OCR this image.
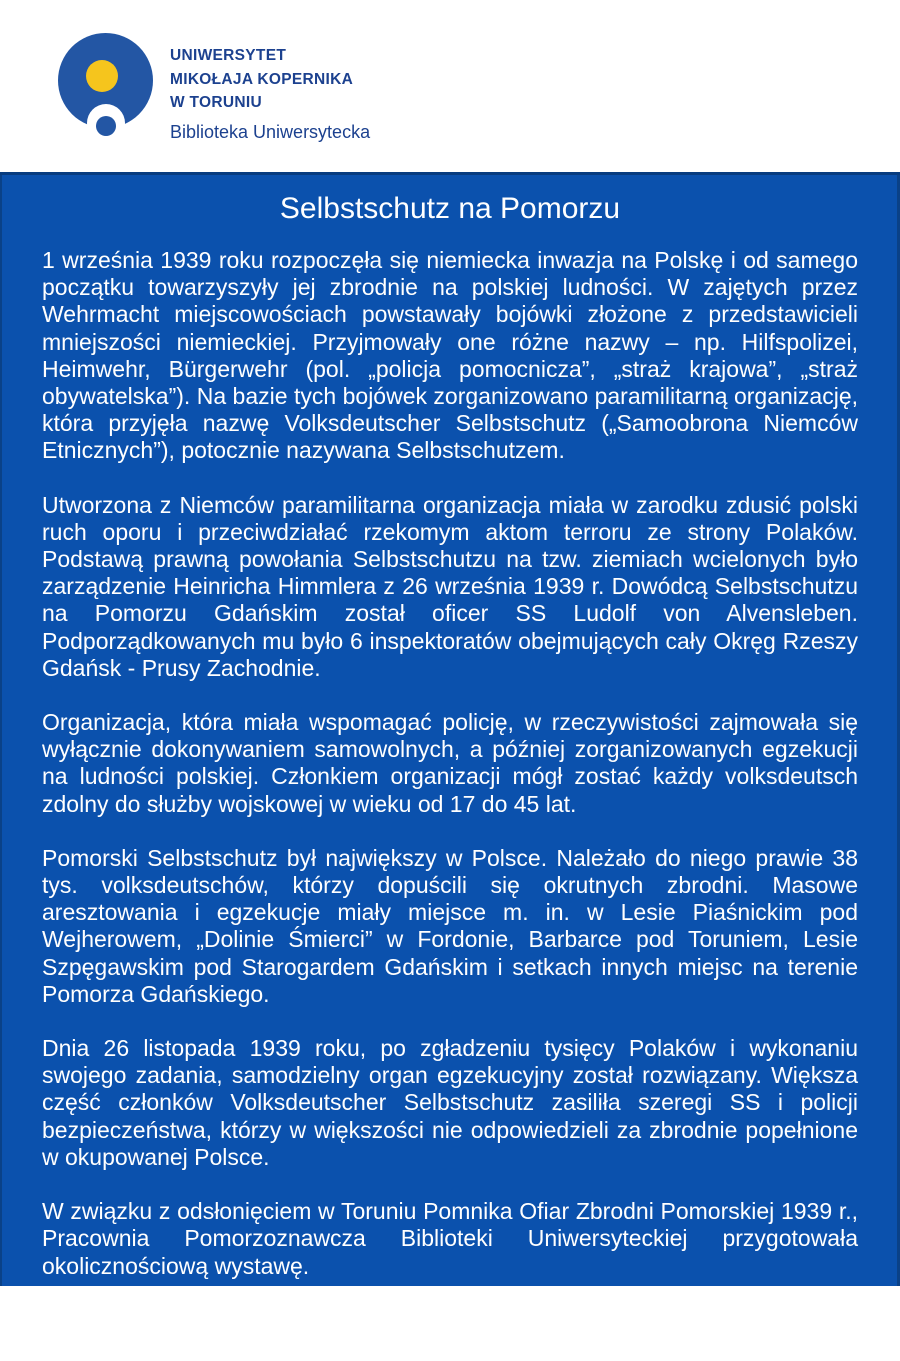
UNIWERSYTET
MIKOŁAJA KOPERNIKA
W TORUNIU
Biblioteka Uniwersytecka
Selbstschutz na Pomorzu

1 września 1939 roku rozpoczęła się niemiecka inwazja na Polskę i od samego początku towarzyszyły jej zbrodnie na polskiej ludności. W zajętych przez Wehrmacht miejscowościach powstawały bojówki złożone z przedstawicieli mniejszości niemieckiej. Przyjmowały one różne nazwy – np. Hilfspolizei, Heimwehr, Bürgerwehr (pol. „policja pomocnicza”, „straż krajowa”, „straż obywatelska”). Na bazie tych bojówek zorganizowano paramilitarną organizację, która przyjęła nazwę Volksdeutscher Selbstschutz („Samoobrona Niemców Etnicznych”), potocznie nazywana Selbstschutzem.

Utworzona z Niemców paramilitarna organizacja miała w zarodku zdusić polski ruch oporu i przeciwdziałać rzekomym aktom terroru ze strony Polaków. Podstawą prawną powołania Selbstschutzu na tzw. ziemiach wcielonych było zarządzenie Heinricha Himmlera z 26 września 1939 r. Dowódcą Selbstschutzu na Pomorzu Gdańskim został oficer SS Ludolf von Alvensleben. Podporządkowanych mu było 6 inspektoratów obejmujących cały Okręg Rzeszy Gdańsk - Prusy Zachodnie.

Organizacja, która miała wspomagać policję, w rzeczywistości zajmowała się wyłącznie dokonywaniem samowolnych, a później zorganizowanych egzekucji na ludności polskiej. Członkiem organizacji mógł zostać każdy volksdeutsch zdolny do służby wojskowej w wieku od 17 do 45 lat.

Pomorski Selbstschutz był największy w Polsce. Należało do niego prawie 38 tys. volksdeutschów, którzy dopuścili się okrutnych zbrodni. Masowe aresztowania i egzekucje miały miejsce m. in. w Lesie Piaśnickim pod Wejherowem, „Dolinie Śmierci” w Fordonie, Barbarce pod Toruniem, Lesie Szpęgawskim pod Starogardem Gdańskim i setkach innych miejsc na terenie Pomorza Gdańskiego.

Dnia 26 listopada 1939 roku, po zgładzeniu tysięcy Polaków i wykonaniu swojego zadania, samodzielny organ egzekucyjny został rozwiązany. Większa część członków Volksdeutscher Selbstschutz zasiliła szeregi SS i policji bezpieczeństwa, którzy w większości nie odpowiedzieli za zbrodnie popełnione w okupowanej Polsce.

W związku z odsłonięciem w Toruniu Pomnika Ofiar Zbrodni Pomorskiej 1939 r., Pracownia Pomorzoznawcza Biblioteki Uniwersyteckiej przygotowała okolicznościową wystawę.

Ekspozycję można oglądać od 5 do 19 października 2018 r. na II piętrze Biblioteki Uniwersyteckiej.
